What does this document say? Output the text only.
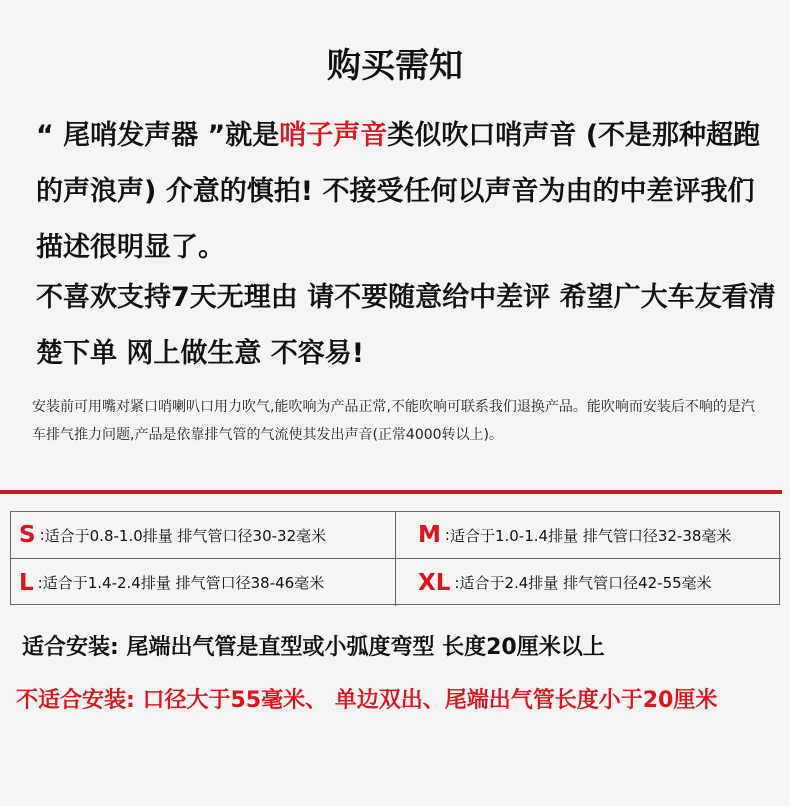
购买需知
“ 尾哨发声器 ”就是哨子声音类似吹口哨声音 (不是那种超跑的声浪声) 介意的慎拍! 不接受任何以声音为由的中差评我们描述很明显了。
不喜欢支持7天无理由 请不要随意给中差评 希望广大车友看清楚下单 网上做生意 不容易!
安装前可用嘴对紧口哨喇叭口用力吹气,能吹响为产品正常,不能吹响可联系我们退换产品。能吹响而安装后不响的是汽车排气推力问题,产品是依靠排气管的气流使其发出声音(正常4000转以上)。
S : 适合于0.8-1.0排量 排气管口径30-32毫米	M : 适合于1.0-1.4排量 排气管口径32-38毫米
L : 适合于1.4-2.4排量 排气管口径38-46毫米	XL : 适合于2.4排量 排气管口径42-55毫米
适合安装: 尾端出气管是直型或小弧度弯型 长度20厘米以上
不适合安装: 口径大于55毫米、 单边双出、尾端出气管长度小于20厘米
